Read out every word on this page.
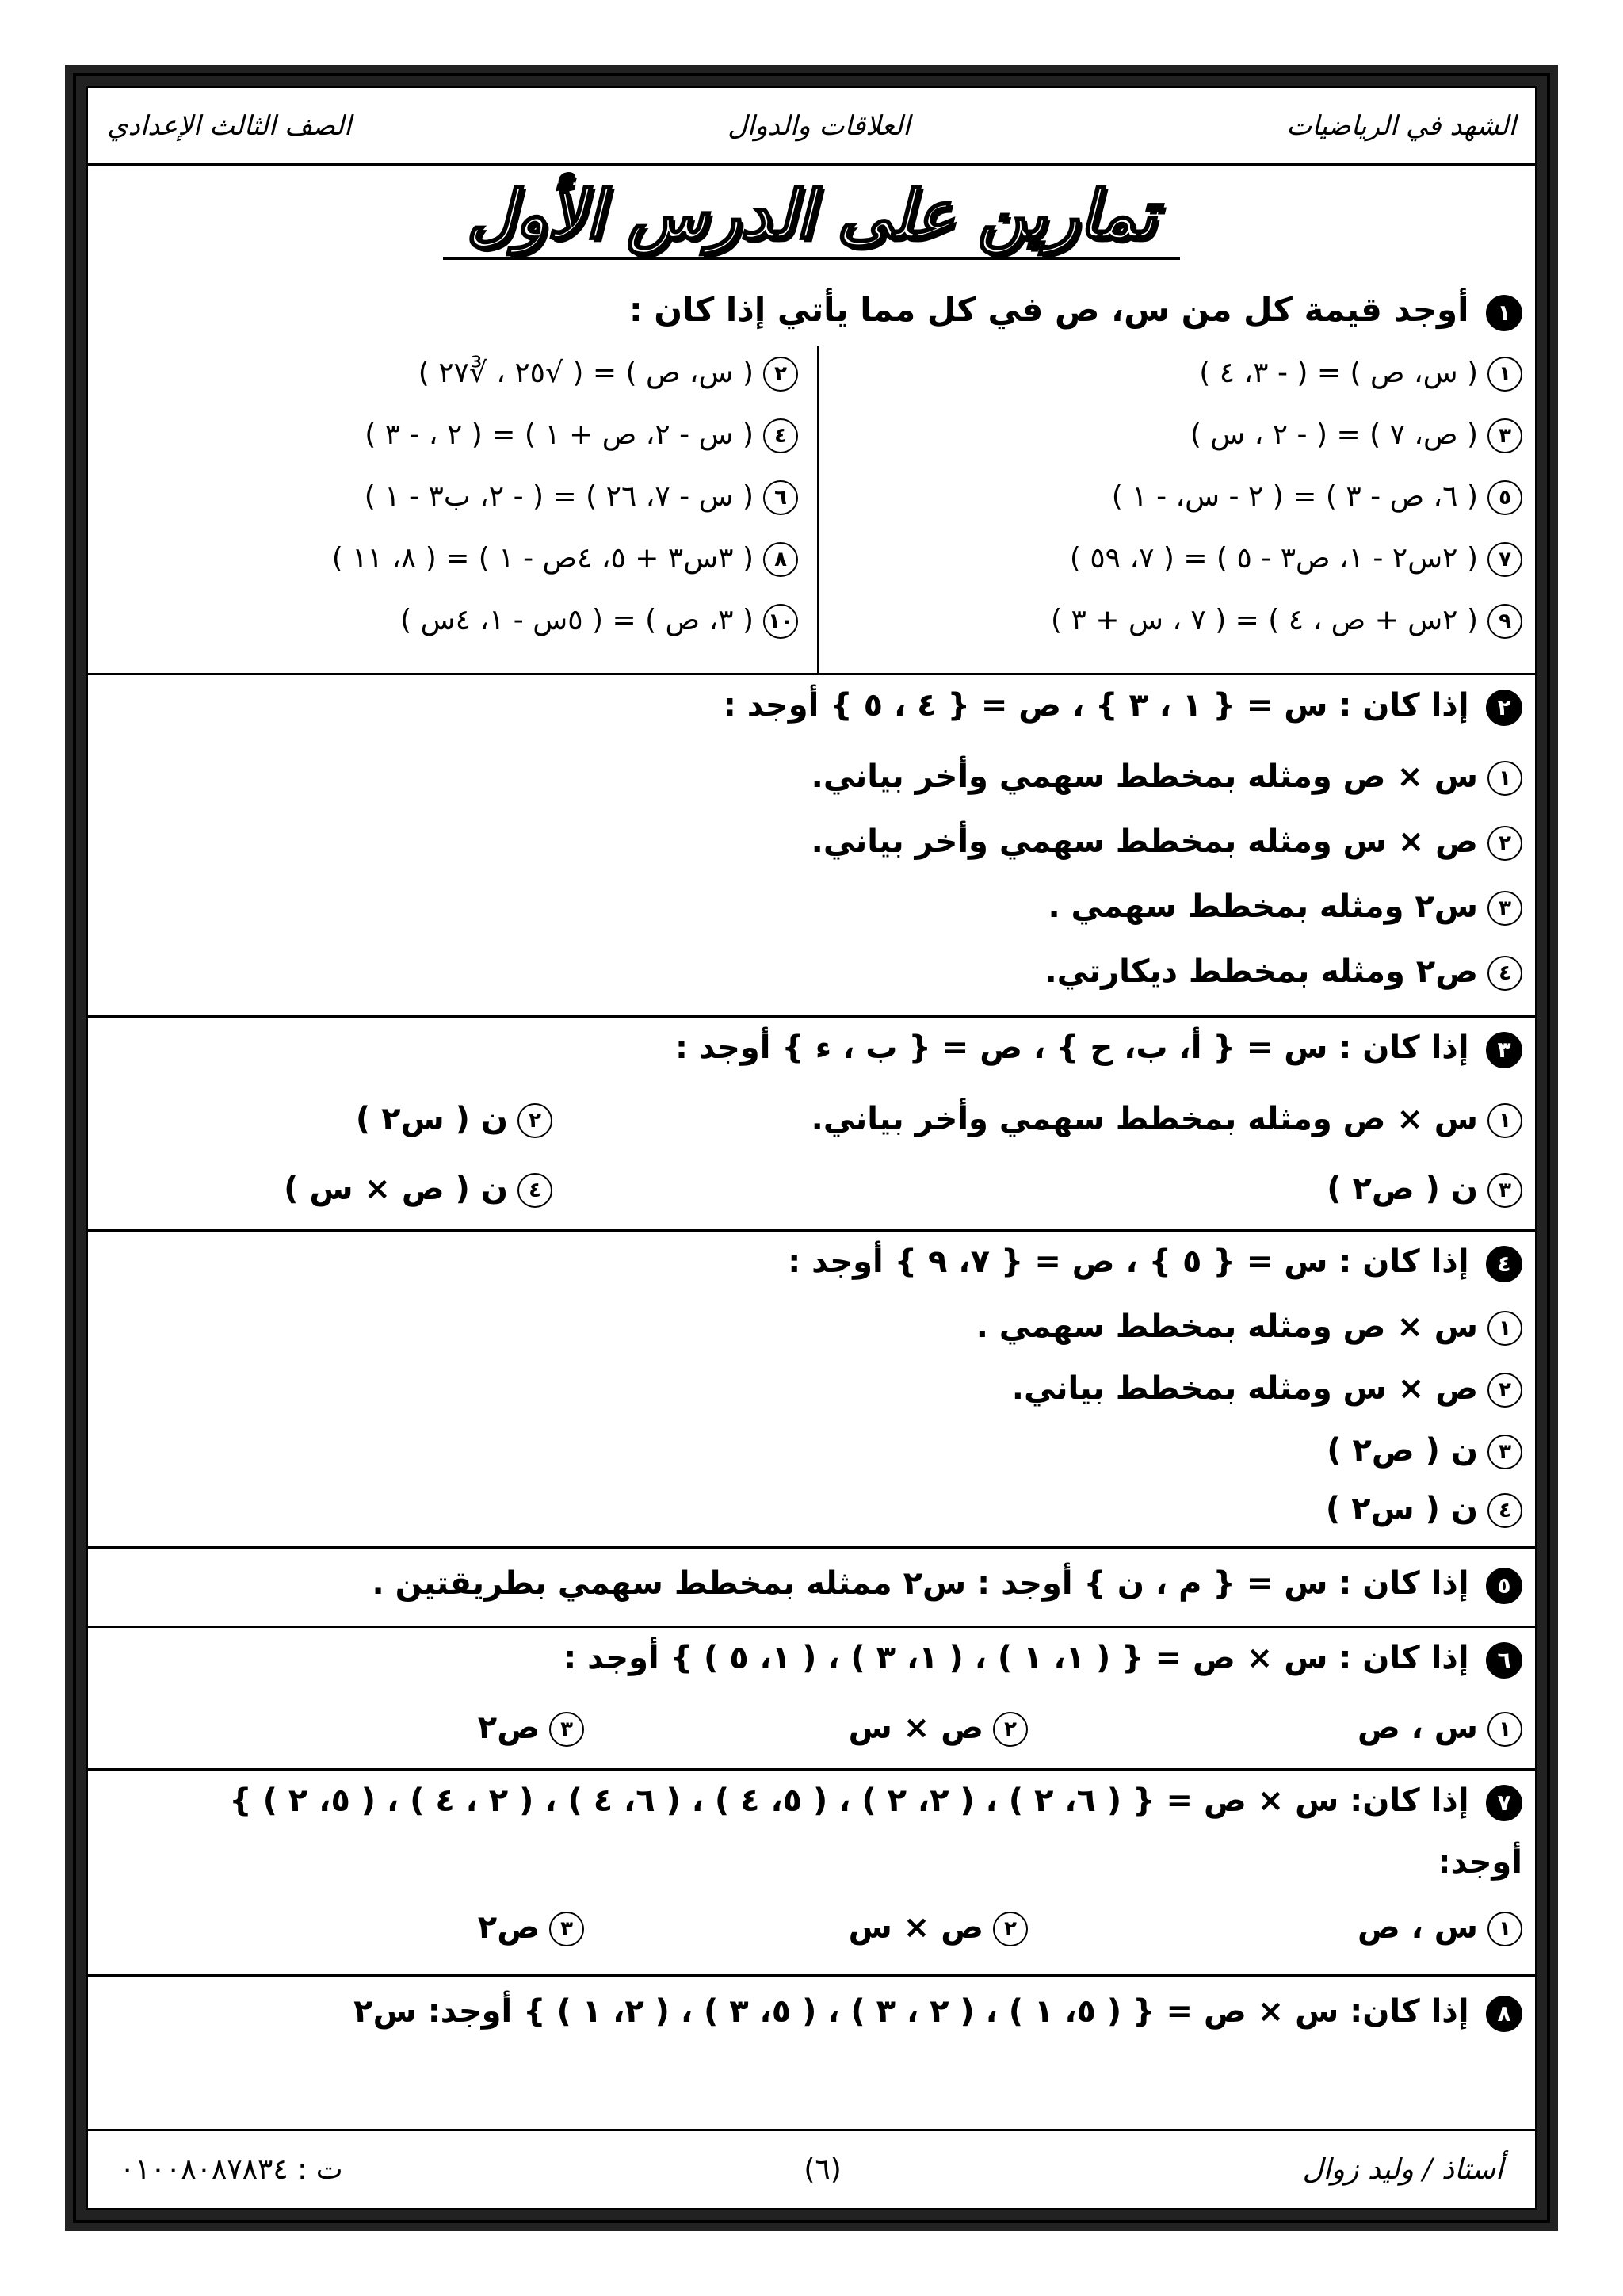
الشهد في الرياضيات
العلاقات والدوال
الصف الثالث الإعدادي
تمارين على الدرس الأول
١ أوجد قيمة كل من س، ص في كل مما يأتي إذا كان :
١( س، ص ) = ( - ٣، ٤ )
٣( ص، ٧ ) = ( - ٢ ، س )
٥( ٦، ص - ٣ ) = ( ٢ - س، - ١ )
٧( ٢س٢ - ١، ص٣ - ٥ ) = ( ٧، ٥٩ )
٩( ٢س + ص ، ٤ ) = ( ٧ ، س + ٣ )
٢( س، ص ) = ( √٢٥ ، ∛٢٧ )
٤( س - ٢، ص + ١ ) = ( ٢ ، - ٣ )
٦( س - ٧، ٢٦ ) = ( - ٢، ب٣ - ١ )
٨( ٣س٣ + ٥، ٤ص - ١ ) = ( ٨، ١١ )
١٠( ٣، ص ) = ( ٥س - ١، ٤س )
٢ إذا كان : س = { ١ ، ٣ } ، ص = { ٤ ، ٥ } أوجد :
١س × ص ومثله بمخطط سهمي وأخر بياني.
٢ص × س ومثله بمخطط سهمي وأخر بياني.
٣س٢ ومثله بمخطط سهمي .
٤ص٢ ومثله بمخطط ديكارتي.
٣ إذا كان : س = { أ، ب، ح } ، ص = { ب ، ء } أوجد :
١س × ص ومثله بمخطط سهمي وأخر بياني.
٢ن ( س٢ )
٣ن ( ص٢ )
٤ن ( ص × س )
٤ إذا كان : س = { ٥ } ، ص = { ٧، ٩ } أوجد :
١س × ص ومثله بمخطط سهمي .
٢ص × س ومثله بمخطط بياني.
٣ن ( ص٢ )
٤ن ( س٢ )
٥ إذا كان : س = { م ، ن } أوجد : س٢ ممثله بمخطط سهمي بطريقتين .
٦ إذا كان : س × ص = { ( ١، ١ ) ، ( ١، ٣ ) ، ( ١، ٥ ) } أوجد :
١س ، ص
٢ص × س
٣ص٢
٧ إذا كان: س × ص = { ( ٦، ٢ ) ، ( ٢، ٢ ) ، ( ٥، ٤ ) ، ( ٦، ٤ ) ، ( ٢ ، ٤ ) ، ( ٥، ٢ ) }
أوجد:
١س ، ص
٢ص × س
٣ص٢
٨ إذا كان: س × ص = { ( ٥، ١ ) ، ( ٢ ، ٣ ) ، ( ٥، ٣ ) ، ( ٢، ١ ) } أوجد: س٢
أستاذ / وليد زوال
(٦)
ت : ٠١٠٠٨٠٨٧٨٣٤
